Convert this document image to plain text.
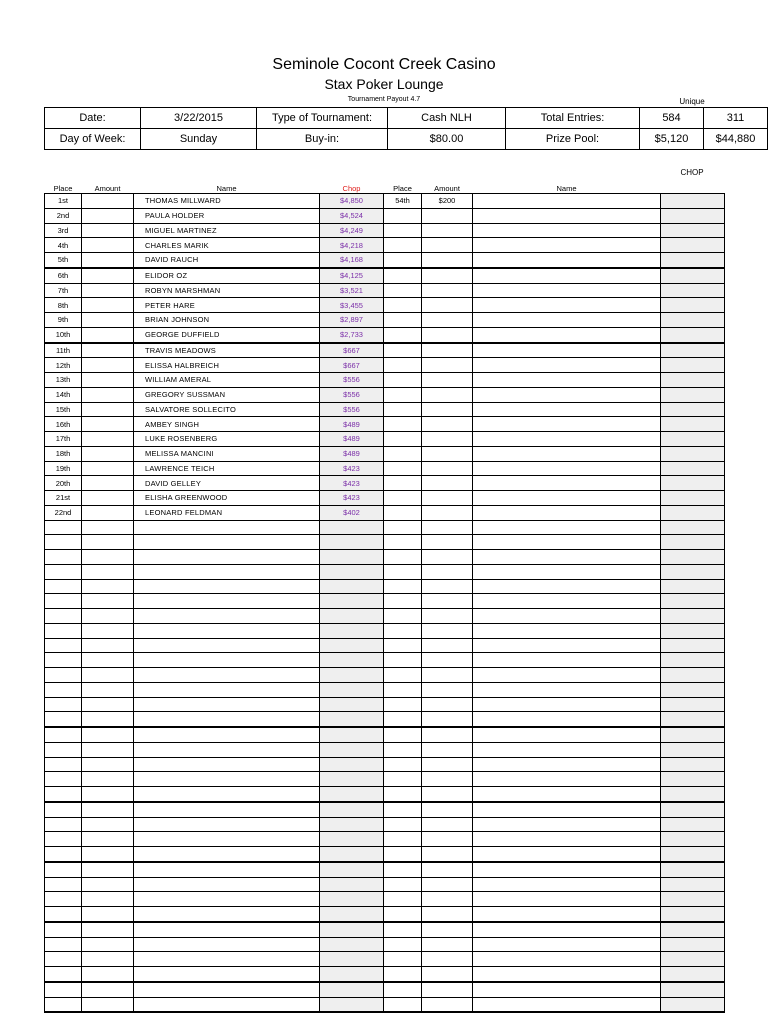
Seminole Cocont Creek Casino
Stax Poker Lounge
Tournament Payout 4.7	Unique
Date:	3/22/2015	Type of Tournament:	Cash NLH	Total Entries:	584	311
Day of Week:	Sunday	Buy-in:	$80.00	Prize Pool:	$5,120	$44,880
CHOP
Place	Amount	Name	Chop	Place	Amount	Name	
1st		THOMAS MILLWARD	$4,850	54th	$200		
2nd		PAULA HOLDER	$4,524				
3rd		MIGUEL MARTINEZ	$4,249				
4th		CHARLES MARIK	$4,218				
5th		DAVID RAUCH	$4,168				
6th		ELIDOR OZ	$4,125				
7th		ROBYN MARSHMAN	$3,521				
8th		PETER HARE	$3,455				
9th		BRIAN JOHNSON	$2,897				
10th		GEORGE DUFFIELD	$2,733				
11th		TRAVIS MEADOWS	$667				
12th		ELISSA HALBREICH	$667				
13th		WILLIAM AMERAL	$556				
14th		GREGORY SUSSMAN	$556				
15th		SALVATORE SOLLECITO	$556				
16th		AMBEY SINGH	$489				
17th		LUKE ROSENBERG	$489				
18th		MELISSA MANCINI	$489				
19th		LAWRENCE TEICH	$423				
20th		DAVID GELLEY	$423				
21st		ELISHA GREENWOOD	$423				
22nd		LEONARD FELDMAN	$402				
